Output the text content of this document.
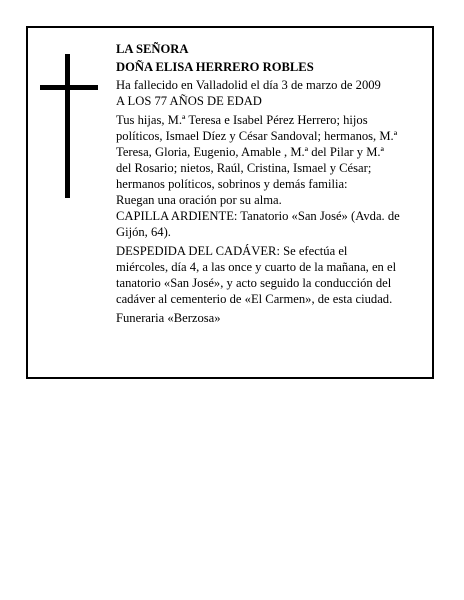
LA SEÑORA
DOÑA ELISA HERRERO ROBLES
Ha fallecido en Valladolid el día 3 de marzo de 2009
A LOS 77 AÑOS DE EDAD
Tus hijas, M.ª Teresa e Isabel Pérez Herrero; hijos
políticos, Ismael Díez y César Sandoval; hermanos, M.ª
Teresa, Gloria, Eugenio, Amable , M.ª del Pilar y M.ª
del Rosario; nietos, Raúl, Cristina, Ismael y César;
hermanos políticos, sobrinos y demás familia:
Ruegan una oración por su alma.
CAPILLA ARDIENTE: Tanatorio «San José» (Avda. de
Gijón, 64).
DESPEDIDA DEL CADÁVER: Se efectúa el
miércoles, día 4, a las once y cuarto de la mañana, en el
tanatorio «San José», y acto seguido la conducción del
cadáver al cementerio de «El Carmen», de esta ciudad.
Funeraria «Berzosa»
